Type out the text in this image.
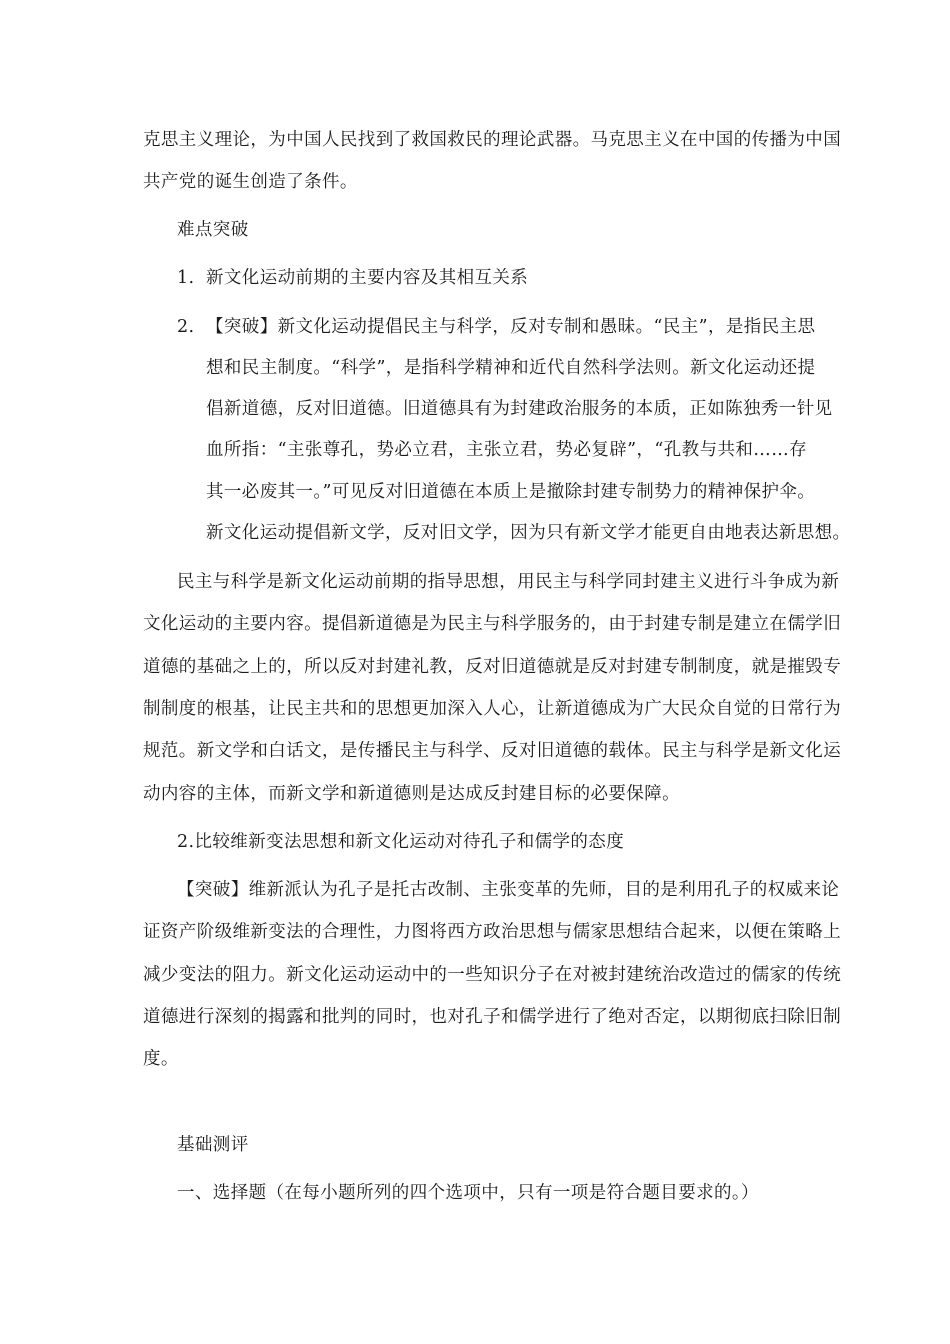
克思主义理论，为中国人民找到了救国救民的理论武器。马克思主义在中国的传播为中国
共产党的诞生创造了条件。
难点突破
1. 新文化运动前期的主要内容及其相互关系
2. 【突破】新文化运动提倡民主与科学，反对专制和愚昧。“民主”，是指民主思
想和民主制度。“科学”，是指科学精神和近代自然科学法则。新文化运动还提
倡新道德，反对旧道德。旧道德具有为封建政治服务的本质，正如陈独秀一针见
血所指：“主张尊孔，势必立君，主张立君，势必复辟”，“孔教与共和……存
其一必废其一。”可见反对旧道德在本质上是撤除封建专制势力的精神保护伞。
新文化运动提倡新文学，反对旧文学，因为只有新文学才能更自由地表达新思想。
民主与科学是新文化运动前期的指导思想，用民主与科学同封建主义进行斗争成为新
文化运动的主要内容。提倡新道德是为民主与科学服务的，由于封建专制是建立在儒学旧
道德的基础之上的，所以反对封建礼教，反对旧道德就是反对封建专制制度，就是摧毁专
制制度的根基，让民主共和的思想更加深入人心，让新道德成为广大民众自觉的日常行为
规范。新文学和白话文，是传播民主与科学、反对旧道德的载体。民主与科学是新文化运
动内容的主体，而新文学和新道德则是达成反封建目标的必要保障。
2.比较维新变法思想和新文化运动对待孔子和儒学的态度
【突破】维新派认为孔子是托古改制、主张变革的先师，目的是利用孔子的权威来论
证资产阶级维新变法的合理性，力图将西方政治思想与儒家思想结合起来，以便在策略上
减少变法的阻力。新文化运动运动中的一些知识分子在对被封建统治改造过的儒家的传统
道德进行深刻的揭露和批判的同时，也对孔子和儒学进行了绝对否定，以期彻底扫除旧制
度。
基础测评
一、选择题（在每小题所列的四个选项中，只有一项是符合题目要求的。）
